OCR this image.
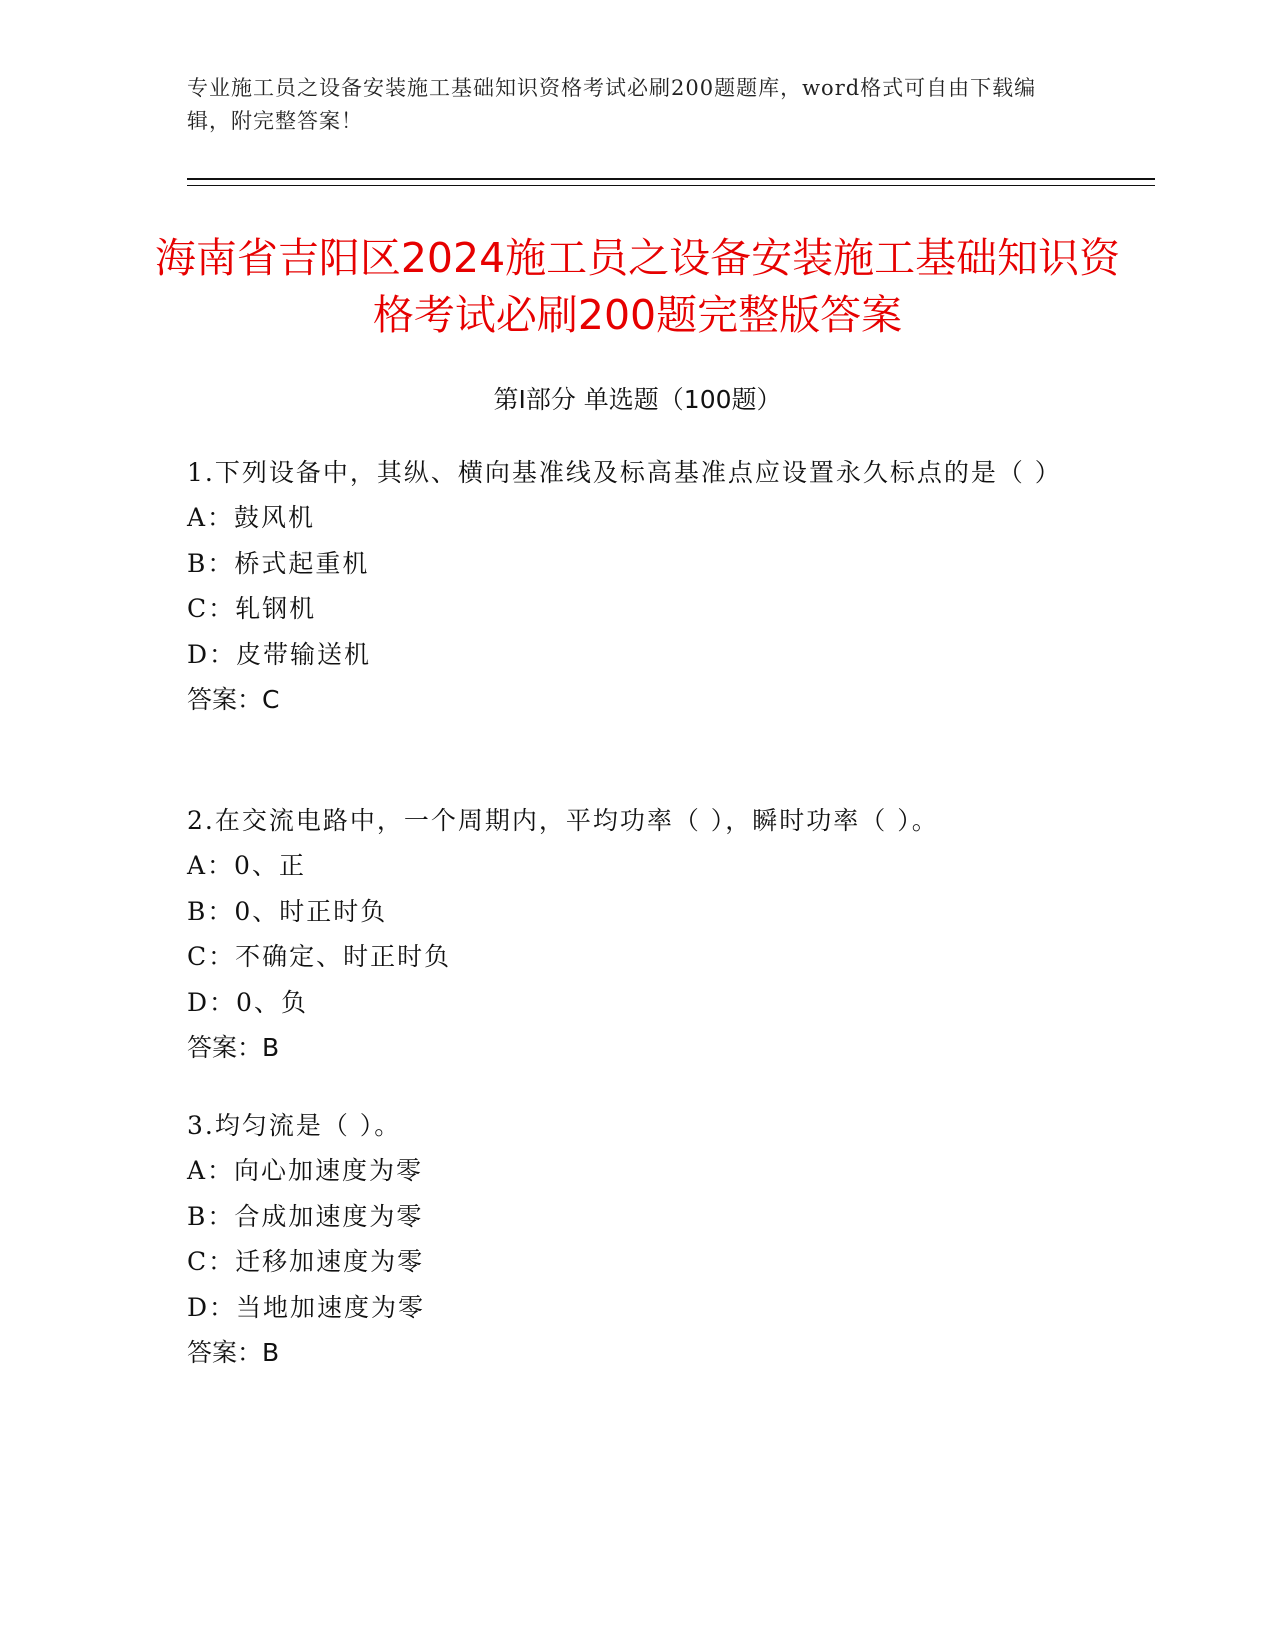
专业施工员之设备安装施工基础知识资格考试必刷200题题库，word格式可自由下载编辑，附完整答案！
海南省吉阳区2024施工员之设备安装施工基础知识资格考试必刷200题完整版答案
第I部分 单选题（100题）
1.下列设备中，其纵、横向基准线及标高基准点应设置永久标点的是（ ）
A：鼓风机
B：桥式起重机
C：轧钢机
D：皮带输送机
答案：C
2.在交流电路中，一个周期内，平均功率（ ），瞬时功率（ ）。
A：0、正
B：0、时正时负
C：不确定、时正时负
D：0、负
答案：B
3.均匀流是（ ）。
A：向心加速度为零
B：合成加速度为零
C：迁移加速度为零
D：当地加速度为零
答案：B
